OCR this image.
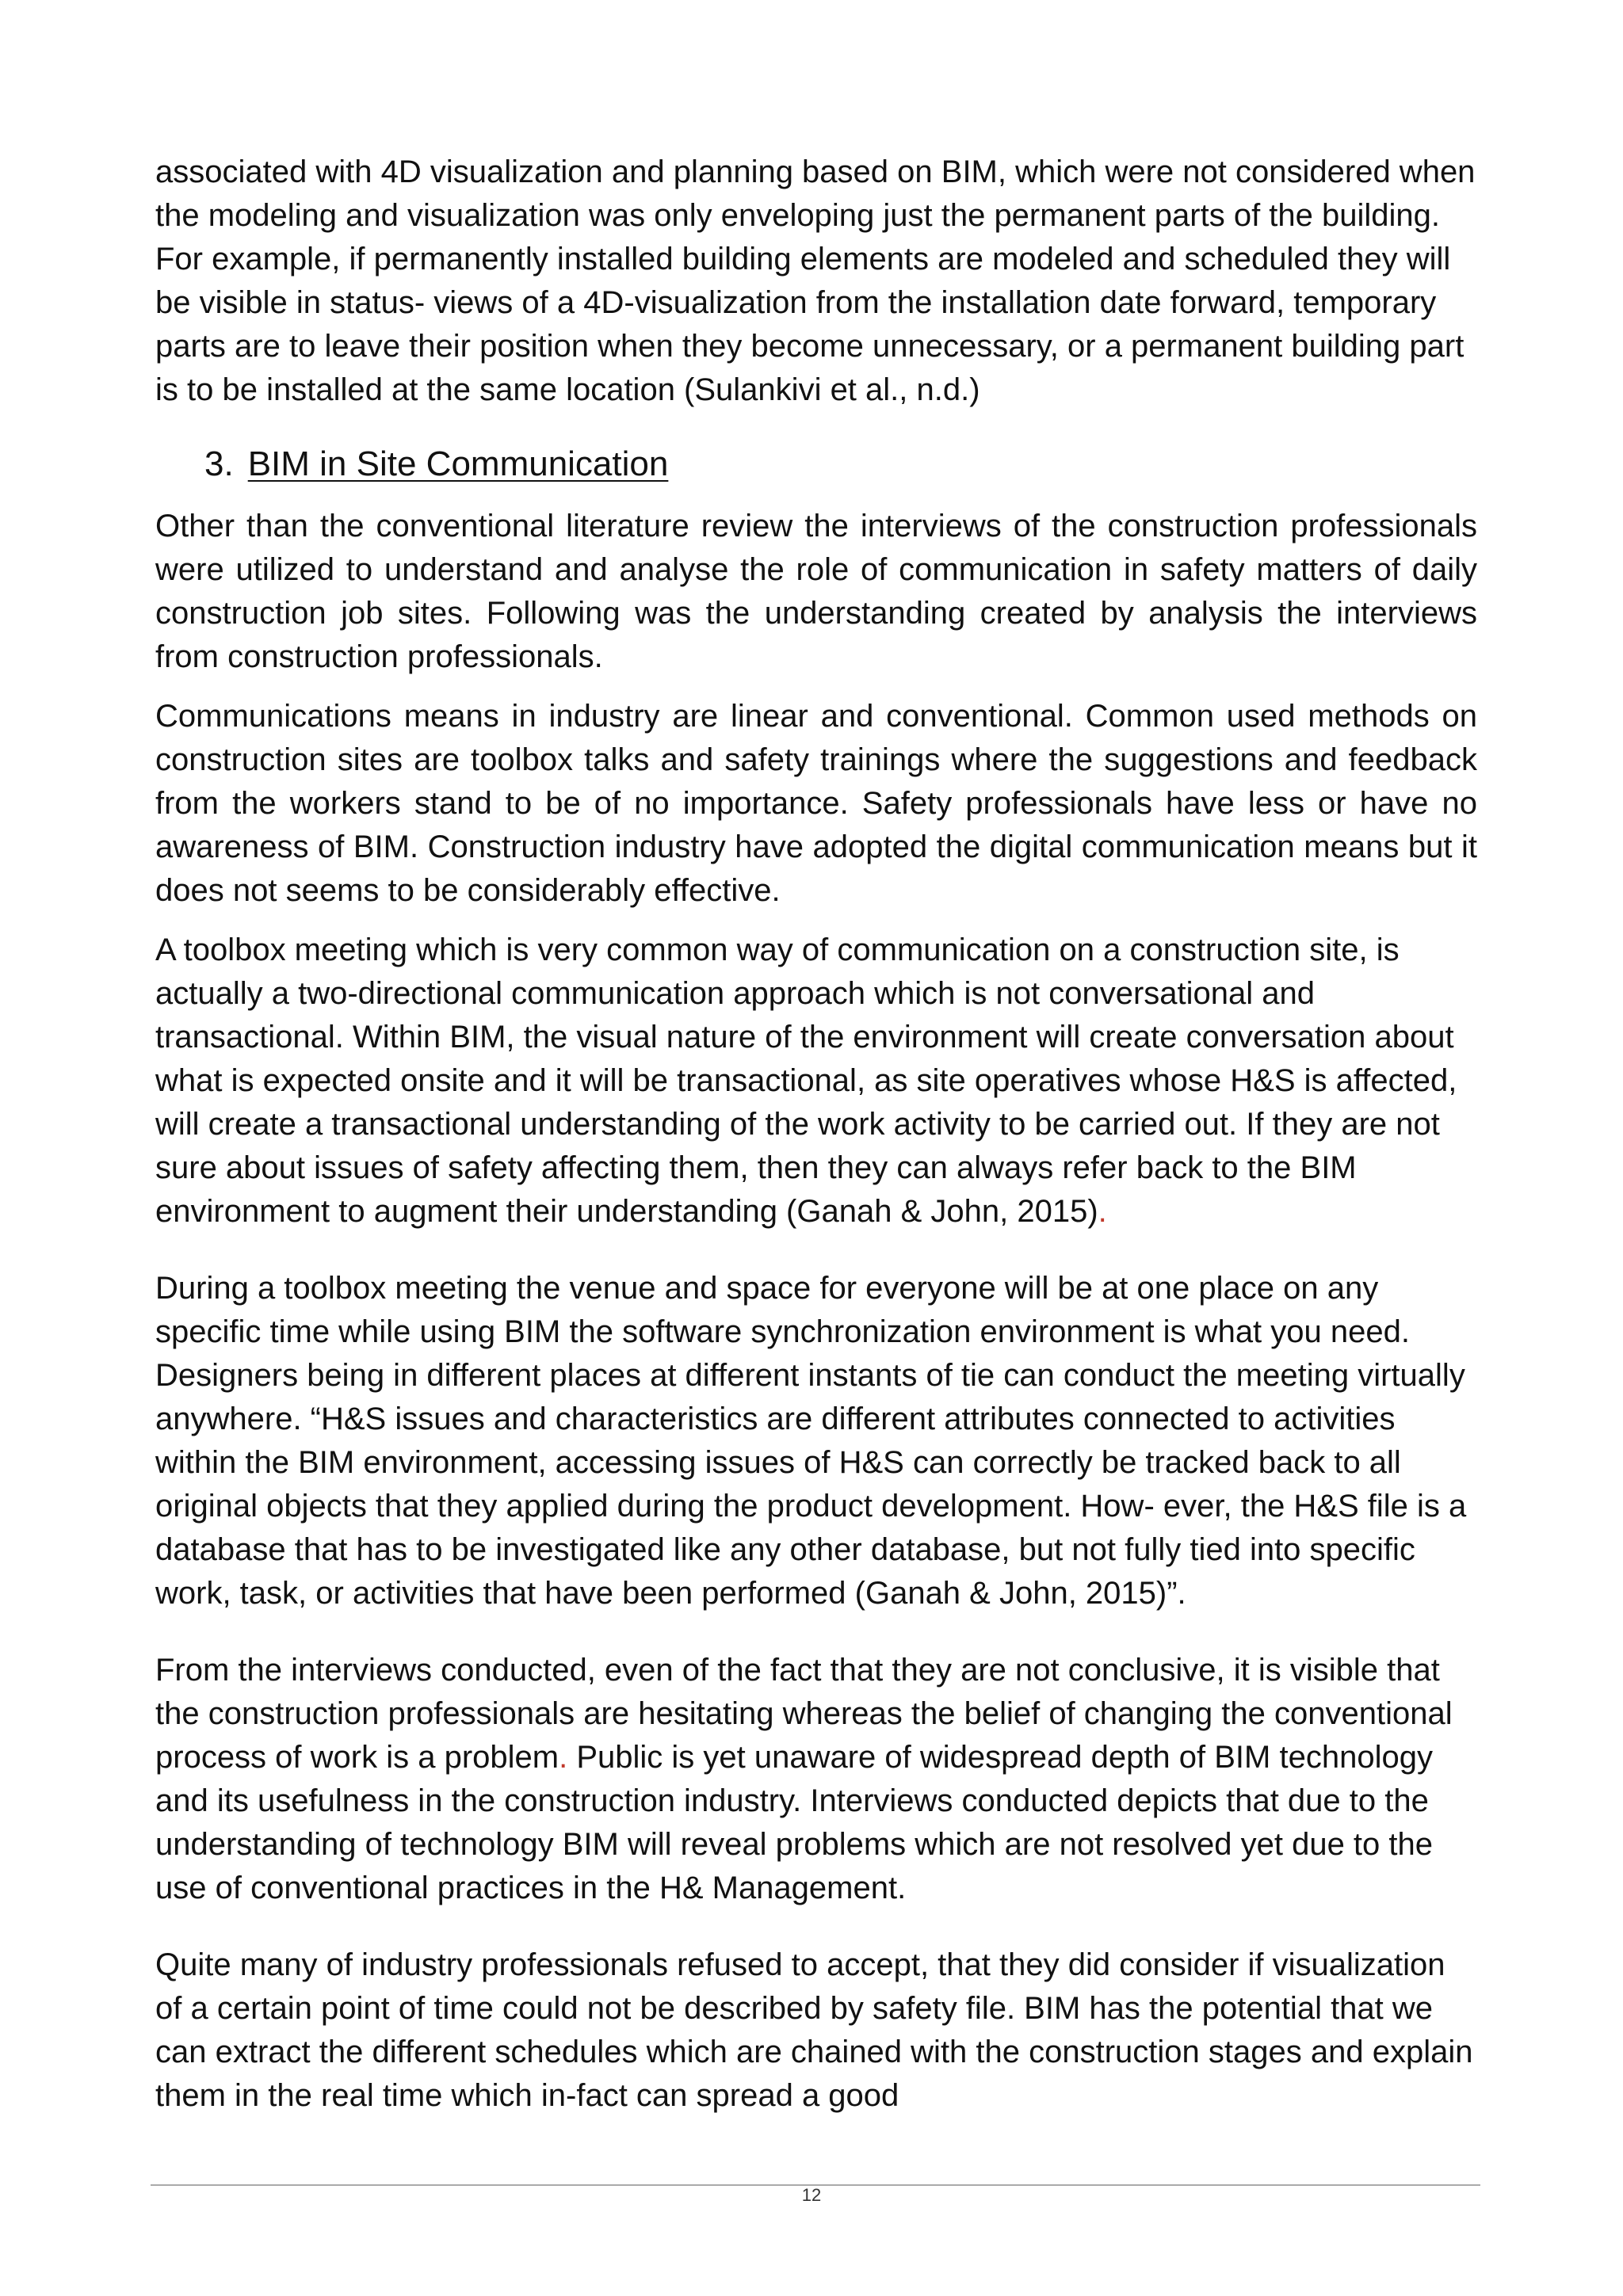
associated with 4D visualization and planning based on BIM, which were not considered when the modeling and visualization was only enveloping just the permanent parts of the building. For example, if permanently installed building elements are modeled and scheduled they will be visible in status- views of a 4D-visualization from the installation date forward, temporary parts are to leave their position when they become unnecessary, or a permanent building part is to be installed at the same location (Sulankivi et al., n.d.)

3. BIM in Site Communication

Other than the conventional literature review the interviews of the construction professionals were utilized to understand and analyse the role of communication in safety matters of daily construction job sites. Following was the understanding created by analysis the interviews from construction professionals.

Communications means in industry are linear and conventional. Common used methods on construction sites are toolbox talks and safety trainings where the suggestions and feedback from the workers stand to be of no importance. Safety professionals have less or have no awareness of BIM. Construction industry have adopted the digital communication means but it does not seems to be considerably effective.

A toolbox meeting which is very common way of communication on a construction site, is actually a two-directional communication approach which is not conversational and transactional. Within BIM, the visual nature of the environment will create conversation about what is expected onsite and it will be transactional, as site operatives whose H&S is affected, will create a transactional understanding of the work activity to be carried out. If they are not sure about issues of safety affecting them, then they can always refer back to the BIM environment to augment their understanding (Ganah & John, 2015).

During a toolbox meeting the venue and space for everyone will be at one place on any specific time while using BIM the software synchronization environment is what you need. Designers being in different places at different instants of tie can conduct the meeting virtually anywhere. “H&S issues and characteristics are different attributes connected to activities within the BIM environment, accessing issues of H&S can correctly be tracked back to all original objects that they applied during the product development. How- ever, the H&S file is a database that has to be investigated like any other database, but not fully tied into specific work, task, or activities that have been performed (Ganah & John, 2015)”.

From the interviews conducted, even of the fact that they are not conclusive, it is visible that the construction professionals are hesitating whereas the belief of changing the conventional process of work is a problem. Public is yet unaware of widespread depth of BIM technology and its usefulness in the construction industry. Interviews conducted depicts that due to the understanding of technology BIM will reveal problems which are not resolved yet due to the use of conventional practices in the H& Management.

Quite many of industry professionals refused to accept, that they did consider if visualization of a certain point of time could not be described by safety file. BIM has the potential that we can extract the different schedules which are chained with the construction stages and explain them in the real time which in-fact can spread a good

12
